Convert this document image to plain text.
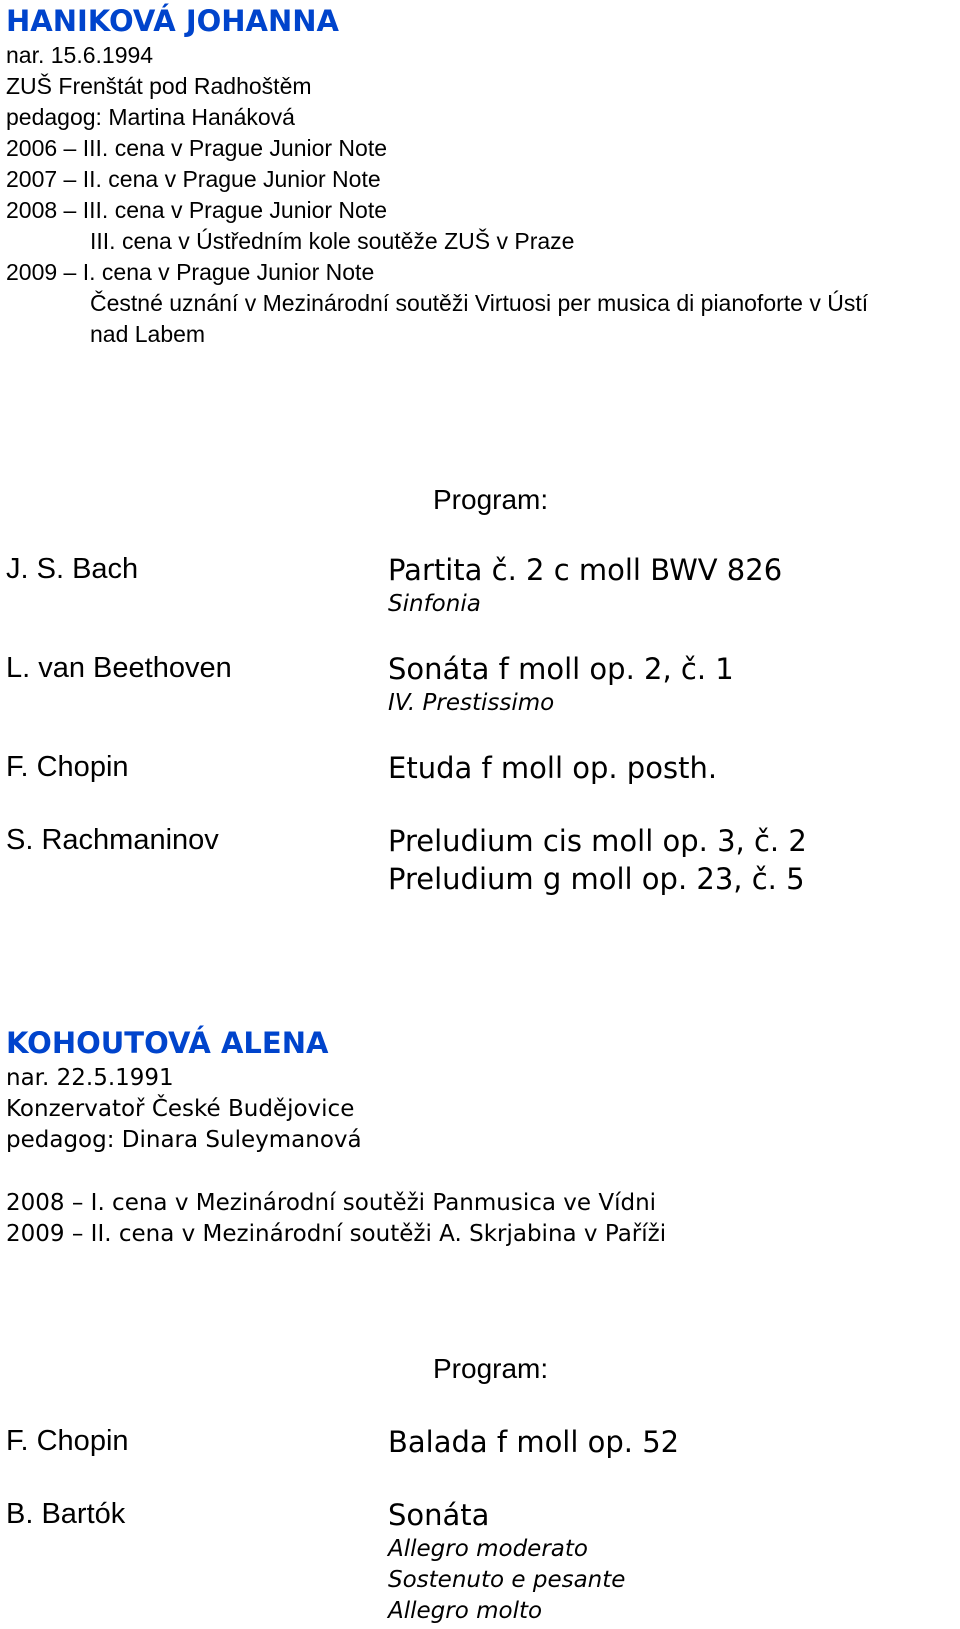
HANIKOVÁ JOHANNA
nar. 15.6.1994
ZUŠ Frenštát pod Radhoštěm
pedagog: Martina Hanáková
2006 – III. cena v Prague Junior Note
2007 – II. cena v Prague Junior Note
2008 – III. cena v Prague Junior Note
III. cena v Ústředním kole soutěže ZUŠ v Praze
2009 – I. cena v Prague Junior Note
Čestné uznání v Mezinárodní soutěži Virtuosi per musica di pianoforte v Ústí
nad Labem
Program:
J. S. Bach	Partita č. 2 c moll BWV 826
Sinfonia
L. van Beethoven	Sonáta f moll op. 2, č. 1
IV. Prestissimo
F. Chopin	Etuda f moll op. posth.
S. Rachmaninov	Preludium cis moll op. 3, č. 2
Preludium g moll op. 23, č. 5
KOHOUTOVÁ ALENA
nar. 22.5.1991
Konzervatoř České Budějovice
pedagog: Dinara Suleymanová
2008 – I. cena v Mezinárodní soutěži Panmusica ve Vídni
2009 – II. cena v Mezinárodní soutěži A. Skrjabina v Paříži
Program:
F. Chopin	Balada f moll op. 52
B. Bartók	Sonáta
Allegro moderato
Sostenuto e pesante
Allegro molto
